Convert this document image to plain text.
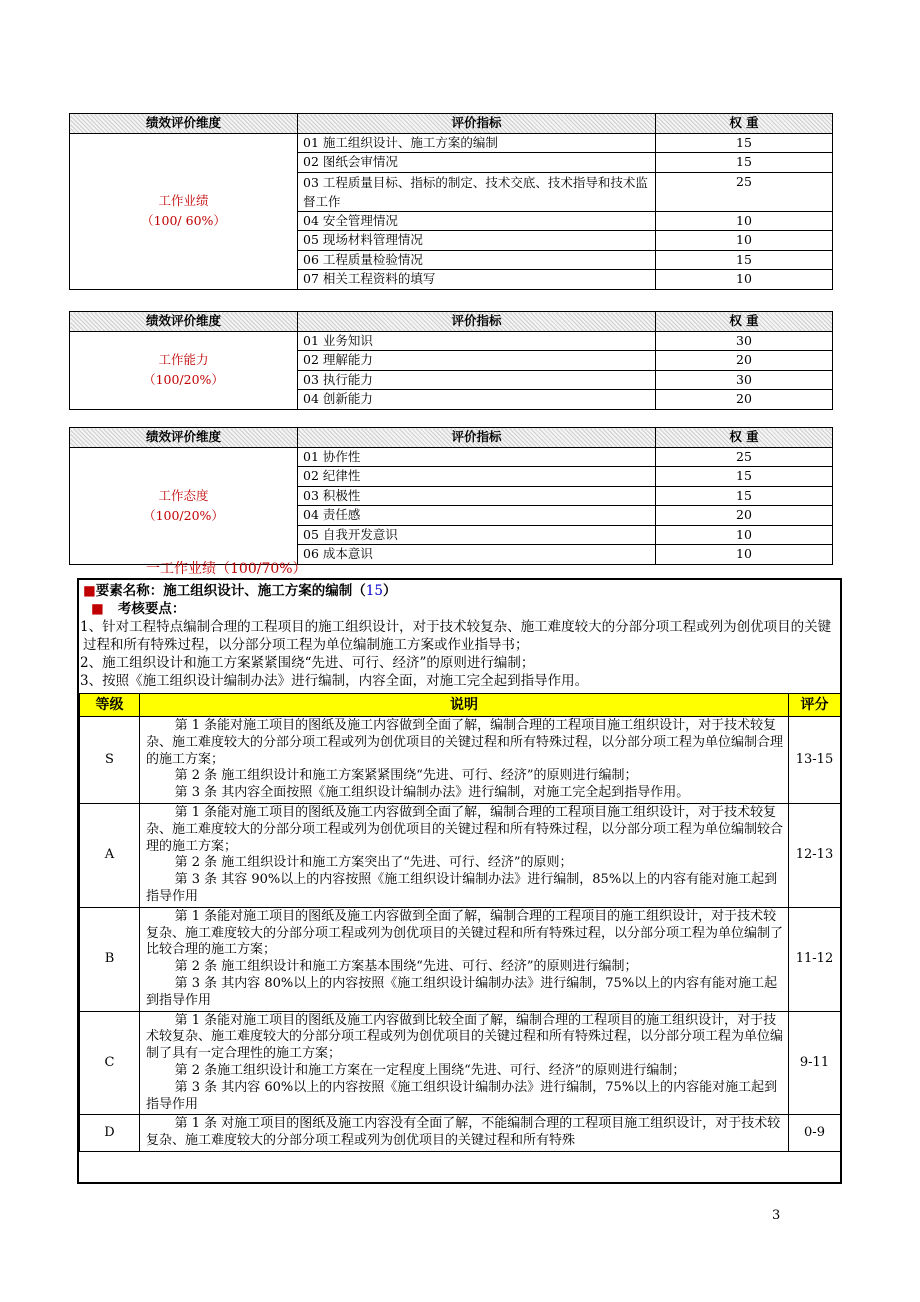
绩效评价维度	评价指标	权 重

工作业绩
（100/ 60%）	01 施工组织设计、施工方案的编制	15
	02 图纸会审情况	15
	03 工程质量目标、指标的制定、技术交底、技术指导和技术监督工作	25
	04 安全管理情况	10
	05 现场材料管理情况	10
	06 工程质量检验情况	15
	07 相关工程资料的填写	10
绩效评价维度	评价指标	权 重

工作能力
（100/20%）	01 业务知识	30
	02 理解能力	20
	03 执行能力	30
	04 创新能力	20
绩效评价维度	评价指标	权 重

工作态度
（100/20%）	01 协作性	25
	02 纪律性	15
	03 积极性	15
	04 责任感	20
	05 自我开发意识	10
	06 成本意识	10
一工作业绩（100/70%）
■要素名称：施工组织设计、施工方案的编制（15）
■ 考核要点：

1、针对工程特点编制合理的工程项目的施工组织设计，对于技术较复杂、施工难度较大的分部分项工程或列为创优项目的关键过程和所有特殊过程，以分部分项工程为单位编制施工方案或作业指导书；

2、施工组织设计和施工方案紧紧围绕“先进、可行、经济”的原则进行编制；

3、按照《施工组织设计编制办法》进行编制，内容全面，对施工完全起到指导作用。

等级	说明	评分
S	第 1 条能对施工项目的图纸及施工内容做到全面了解，编制合理的工程项目施工组织设计，对于技术较复杂、施工难度较大的分部分项工程或列为创优项目的关键过程和所有特殊过程，以分部分项工程为单位编制合理的施工方案；
第 2 条 施工组织设计和施工方案紧紧围绕“先进、可行、经济”的原则进行编制；
第 3 条 其内容全面按照《施工组织设计编制办法》进行编制，对施工完全起到指导作用。	13-15
A	第 1 条能对施工项目的图纸及施工内容做到全面了解，编制合理的工程项目施工组织设计，对于技术较复杂、施工难度较大的分部分项工程或列为创优项目的关键过程和所有特殊过程，以分部分项工程为单位编制较合理的施工方案；
第 2 条 施工组织设计和施工方案突出了“先进、可行、经济”的原则；
第 3 条 其容 90%以上的内容按照《施工组织设计编制办法》进行编制，85%以上的内容有能对施工起到指导作用	12-13
B	第 1 条能对施工项目的图纸及施工内容做到全面了解，编制合理的工程项目的施工组织设计，对于技术较复杂、施工难度较大的分部分项工程或列为创优项目的关键过程和所有特殊过程，以分部分项工程为单位编制了比较合理的施工方案；
第 2 条 施工组织设计和施工方案基本围绕“先进、可行、经济”的原则进行编制；
第 3 条 其内容 80%以上的内容按照《施工组织设计编制办法》进行编制，75%以上的内容有能对施工起到指导作用	11-12
C	第 1 条能对施工项目的图纸及施工内容做到比较全面了解，编制合理的工程项目的施工组织设计，对于技术较复杂、施工难度较大的分部分项工程或列为创优项目的关键过程和所有特殊过程，以分部分项工程为单位编制了具有一定合理性的施工方案；
第 2 条施工组织设计和施工方案在一定程度上围绕“先进、可行、经济”的原则进行编制；
第 3 条 其内容 60%以上的内容按照《施工组织设计编制办法》进行编制，75%以上的内容能对施工起到指导作用	9-11
D	第 1 条 对施工项目的图纸及施工内容没有全面了解，不能编制合理的工程项目施工组织设计，对于技术较复杂、施工难度较大的分部分项工程或列为创优项目的关键过程和所有特殊	0-9
3
